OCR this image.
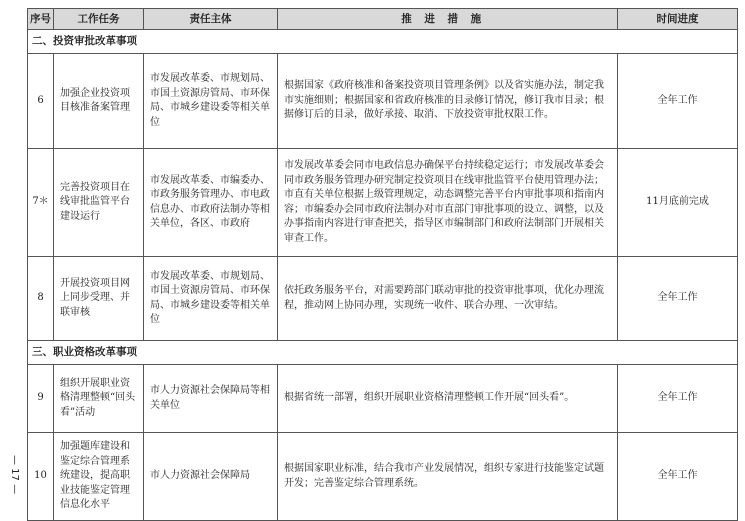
序号	工作任务	责任主体	推进措施	时间进度
二、投资审批改革事项				
6	加强企业投资项目核准备案管理	市发展改革委、市规划局、市国土资源房管局、市环保局、市城乡建设委等相关单位	根据国家《政府核准和备案投资项目管理条例》以及省实施办法，制定我市实施细则；根据国家和省政府核准的目录修订情况，修订我市目录；根据修订后的目录，做好承接、取消、下放投资审批权限工作。	全年工作
7＊	完善投资项目在线审批监管平台建设运行	市发展改革委、市编委办、市政务服务管理办、市电政信息办、市政府法制办等相关单位，各区、市政府	市发展改革委会同市电政信息办确保平台持续稳定运行；市发展改革委会同市政务服务管理办研究制定投资项目在线审批监管平台使用管理办法；市直有关单位根据上级管理规定，动态调整完善平台内审批事项和指南内容；市编委办会同市政府法制办对市直部门审批事项的设立、调整，以及办事指南内容进行审查把关，指导区市编制部门和政府法制部门开展相关审查工作。	11月底前完成
8	开展投资项目网上同步受理、并联审核	市发展改革委、市规划局、市国土资源房管局、市环保局、市城乡建设委等相关单位	依托政务服务平台，对需要跨部门联动审批的投资审批事项，优化办理流程，推动网上协同办理，实现统一收件、联合办理、一次审结。	全年工作
三、职业资格改革事项				
9	组织开展职业资格清理整顿“回头看”活动	市人力资源社会保障局等相关单位	根据省统一部署，组织开展职业资格清理整顿工作开展“回头看”。	全年工作
10	加强题库建设和鉴定综合管理系统建设，提高职业技能鉴定管理信息化水平	市人力资源社会保障局	根据国家职业标准，结合我市产业发展情况，组织专家进行技能鉴定试题开发；完善鉴定综合管理系统。	全年工作
— 17 —
